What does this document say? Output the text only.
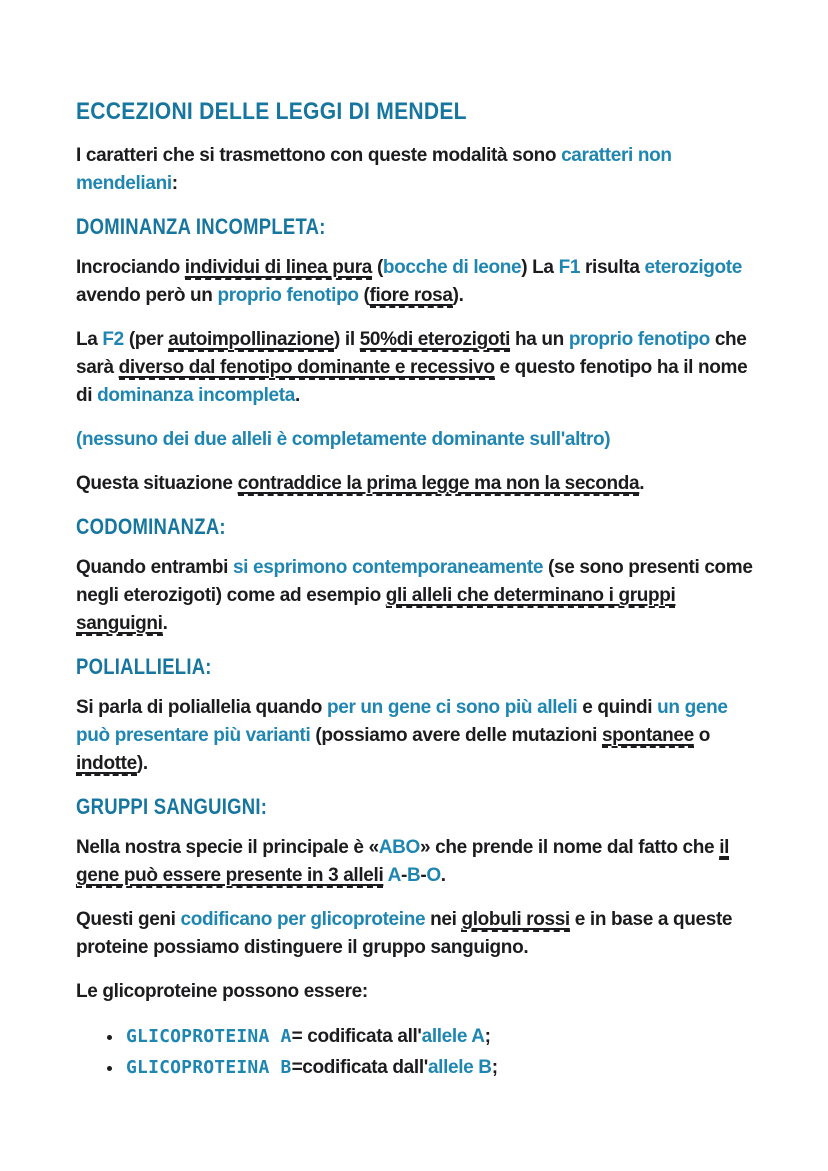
ECCEZIONI DELLE LEGGI DI MENDEL

I caratteri che si trasmettono con queste modalità sono caratteri non mendeliani:

DOMINANZA INCOMPLETA:

Incrociando individui di linea pura (bocche di leone) La F1 risulta eterozigote avendo però un proprio fenotipo (fiore rosa).

La F2 (per autoimpollinazione) il 50%di eterozigoti ha un proprio fenotipo che sarà diverso dal fenotipo dominante e recessivo e questo fenotipo ha il nome di dominanza incompleta.

(nessuno dei due alleli è completamente dominante sull'altro)

Questa situazione contraddice la prima legge ma non la seconda.

CODOMINANZA:

Quando entrambi si esprimono contemporaneamente (se sono presenti come negli eterozigoti) come ad esempio gli alleli che determinano i gruppi sanguigni.

POLIALLIELIA:

Si parla di poliallelia quando per un gene ci sono più alleli e quindi un gene può presentare più varianti (possiamo avere delle mutazioni spontanee o indotte).

GRUPPI SANGUIGNI:

Nella nostra specie il principale è «ABO» che prende il nome dal fatto che il gene può essere presente in 3 alleli A-B-O.

Questi geni codificano per glicoproteine nei globuli rossi e in base a queste proteine possiamo distinguere il gruppo sanguigno.

Le glicoproteine possono essere:

• GLICOPROTEINA A= codificata all'allele A;
• GLICOPROTEINA B=codificata dall'allele B;
